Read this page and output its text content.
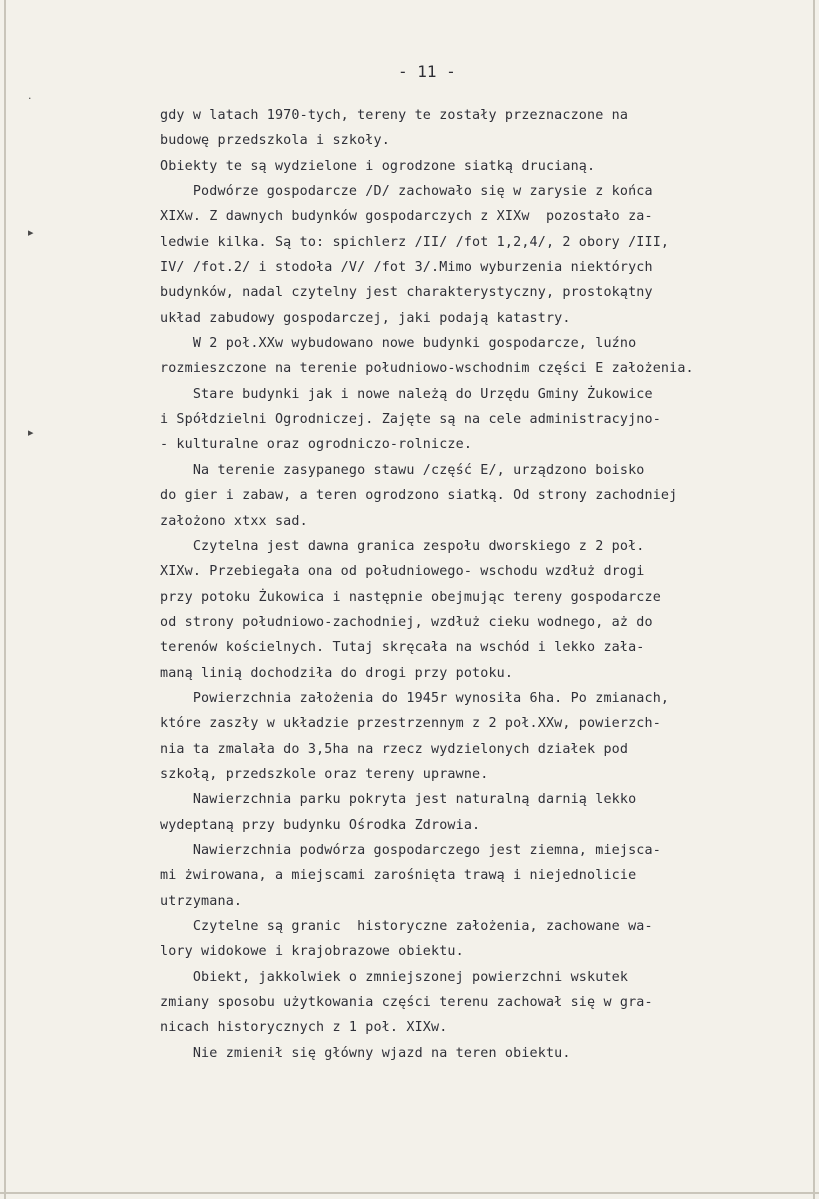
·
▸
▸
- 11 -
gdy w latach 1970-tych, tereny te zostały przeznaczone na
budowę przedszkola i szkoły.
Obiekty te są wydzielone i ogrodzone siatką drucianą.
Podwórze gospodarcze /D/ zachowało się w zarysie z końca
XIXw. Z dawnych budynków gospodarczych z XIXw  pozostało za-
ledwie kilka. Są to: spichlerz /II/ /fot 1,2,4/, 2 obory /III,
IV/ /fot.2/ i stodoła /V/ /fot 3/.Mimo wyburzenia niektórych
budynków, nadal czytelny jest charakterystyczny, prostokątny
układ zabudowy gospodarczej, jaki podają katastry.
W 2 poł.XXw wybudowano nowe budynki gospodarcze, luźno
rozmieszczone na terenie południowo-wschodnim części E założenia.
Stare budynki jak i nowe należą do Urzędu Gminy Żukowice
i Spółdzielni Ogrodniczej. Zajęte są na cele administracyjno-
- kulturalne oraz ogrodniczo-rolnicze.
Na terenie zasypanego stawu /część E/, urządzono boisko
do gier i zabaw, a teren ogrodzono siatką. Od strony zachodniej
założono xtxx sad.
Czytelna jest dawna granica zespołu dworskiego z 2 poł.
XIXw. Przebiegała ona od południowego- wschodu wzdłuż drogi
przy potoku Żukowica i następnie obejmując tereny gospodarcze
od strony południowo-zachodniej, wzdłuż cieku wodnego, aż do
terenów kościelnych. Tutaj skręcała na wschód i lekko zała-
maną linią dochodziła do drogi przy potoku.
Powierzchnia założenia do 1945r wynosiła 6ha. Po zmianach,
które zaszły w układzie przestrzennym z 2 poł.XXw, powierzch-
nia ta zmalała do 3,5ha na rzecz wydzielonych działek pod
szkołą, przedszkole oraz tereny uprawne.
Nawierzchnia parku pokryta jest naturalną darnią lekko
wydeptaną przy budynku Ośrodka Zdrowia.
Nawierzchnia podwórza gospodarczego jest ziemna, miejsca-
mi żwirowana, a miejscami zarośnięta trawą i niejednolicie
utrzymana.
Czytelne są granic  historyczne założenia, zachowane wa-
lory widokowe i krajobrazowe obiektu.
Obiekt, jakkolwiek o zmniejszonej powierzchni wskutek
zmiany sposobu użytkowania części terenu zachował się w gra-
nicach historycznych z 1 poł. XIXw.
Nie zmienił się główny wjazd na teren obiektu.
